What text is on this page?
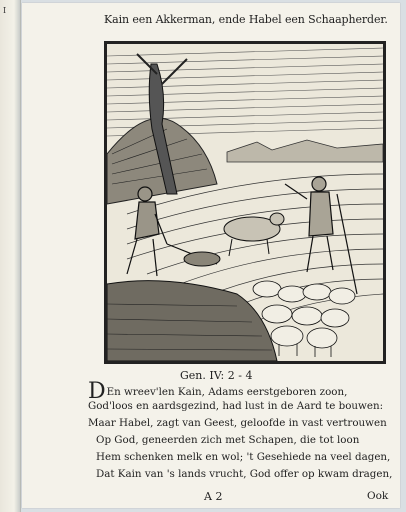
I
Kain een Akkerman, ende Habel een Schaapherder.
Gen. IV: 2 - 4
DEn wreev'len Kain, Adams eerstgeboren zoon,
God'loos en aardsgezind, had lust in de Aard te bouwen:
Maar Habel, zagt van Geest, geloofde in vast vertrouwen
Op God, geneerden zich met Schapen, die tot loon
Hem schenken melk en wol; 't Gesehiede na veel dagen,
Dat Kain van 's lands vrucht, God offer op kwam dragen,
A 2	Ook
